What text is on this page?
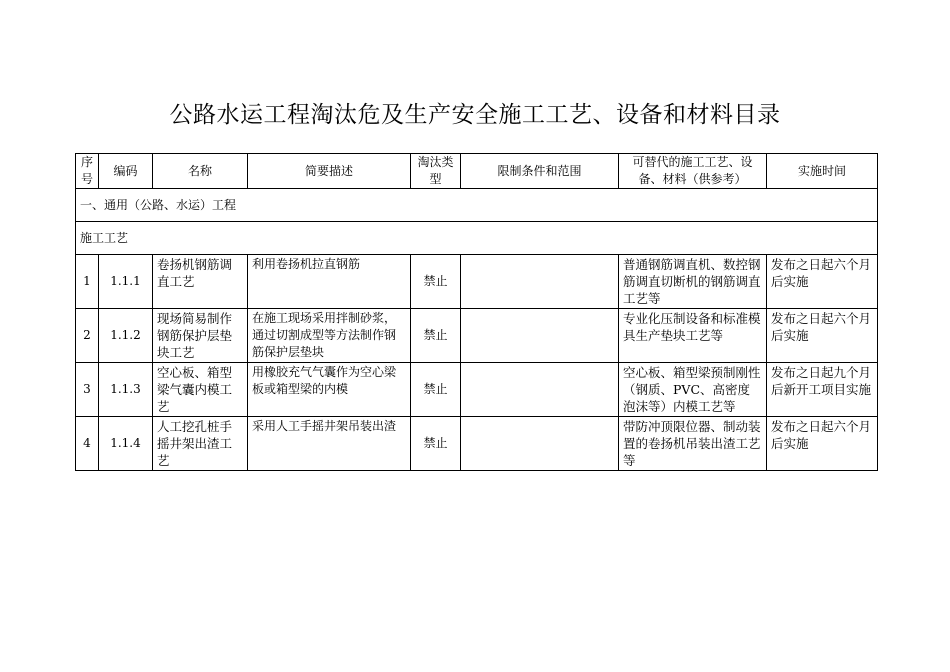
公路水运工程淘汰危及生产安全施工工艺、设备和材料目录
序号	编码	名称	简要描述	淘汰类型	限制条件和范围	可替代的施工工艺、设备、材料（供参考）	实施时间
一、通用（公路、水运）工程							
施工工艺							
1	1.1.1	卷扬机钢筋调直工艺	利用卷扬机拉直钢筋	禁止		普通钢筋调直机、数控钢筋调直切断机的钢筋调直工艺等	发布之日起六个月后实施
2	1.1.2	现场简易制作钢筋保护层垫块工艺	在施工现场采用拌制砂浆，通过切割成型等方法制作钢筋保护层垫块	禁止		专业化压制设备和标准模具生产垫块工艺等	发布之日起六个月后实施
3	1.1.3	空心板、箱型梁气囊内模工艺	用橡胶充气气囊作为空心梁板或箱型梁的内模	禁止		空心板、箱型梁预制刚性（钢质、PVC、高密度泡沫等）内模工艺等	发布之日起九个月后新开工项目实施
4	1.1.4	人工挖孔桩手摇井架出渣工艺	采用人工手摇井架吊装出渣	禁止		带防冲顶限位器、制动装置的卷扬机吊装出渣工艺等	发布之日起六个月后实施
